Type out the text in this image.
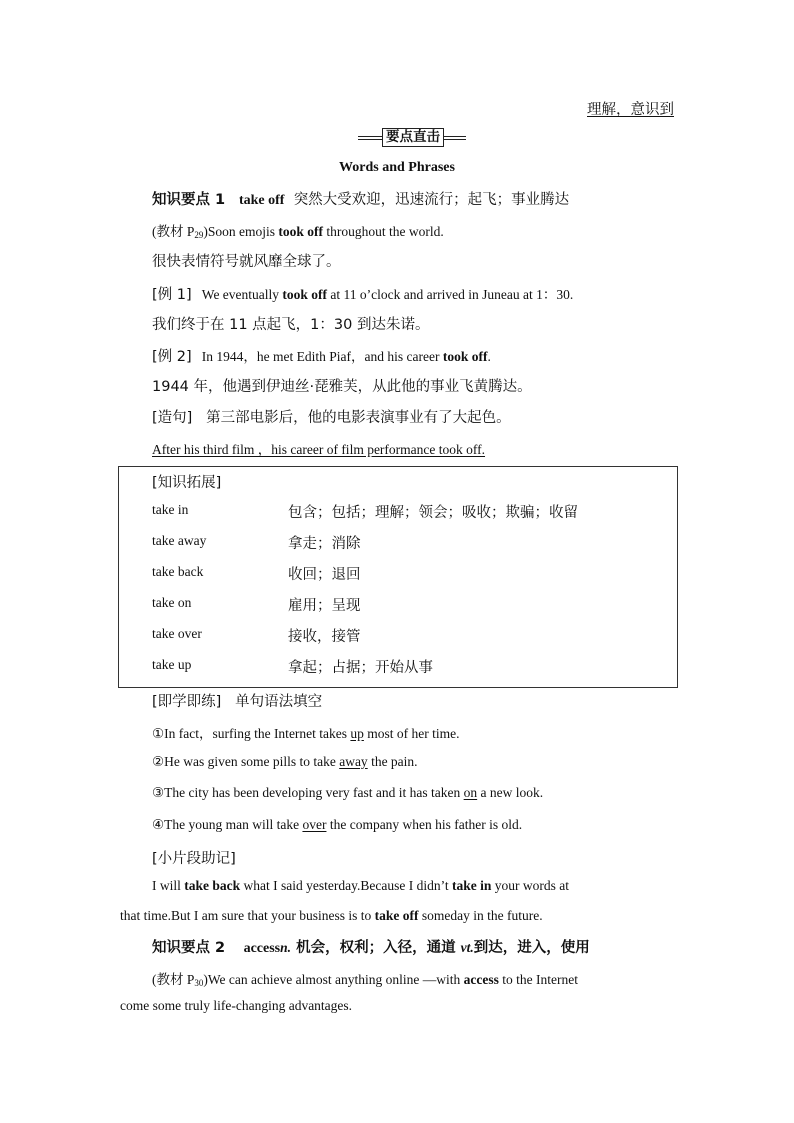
理解，意识到
要点直击
Words and Phrases
知识要点 1 take off 突然大受欢迎，迅速流行；起飞；事业腾达
(教材 $P_{29})Soon$ emojis took off throughout the world.
很快表情符号就风靡全球了。
[例 1] We eventually took off at 11 o’clock and arrived in Juneau at 1：30.
我们终于在 11 点起飞，1：30 到达朱诺。
[例 2] In 1944，he met Edith Piaf，and his career took off.
1944 年，他遇到伊迪丝·琵雅芙，从此他的事业飞黄腾达。
[造句] 第三部电影后，他的电影表演事业有了大起色。
After his third film ，his career of film performance took off.
[知识拓展]
take in	包含；包括；理解；领会；吸收；欺骗；收留
take away	拿走；消除
take back	收回；退回
take on	雇用；呈现
take over	接收，接管
take up	拿起；占据；开始从事
[即学即练] 单句语法填空
①In fact，surfing the Internet takes up most of her time.
②He was given some pills to take away the pain.
③The city has been developing very fast and it has taken on a new look.
④The young man will take over the company when his father is old.
[小片段助记]
I will take back what I said yesterday.Because I didn’t take in your words at
that time.But I am sure that your business is to take off someday in the future.
知识要点 2 accessn. 机会，权利；入径，通道 vt.到达，进入，使用
(教材 $P_{30})We$ can achieve almost anything online —with access to the Internet
come some truly life-changing advantages.
